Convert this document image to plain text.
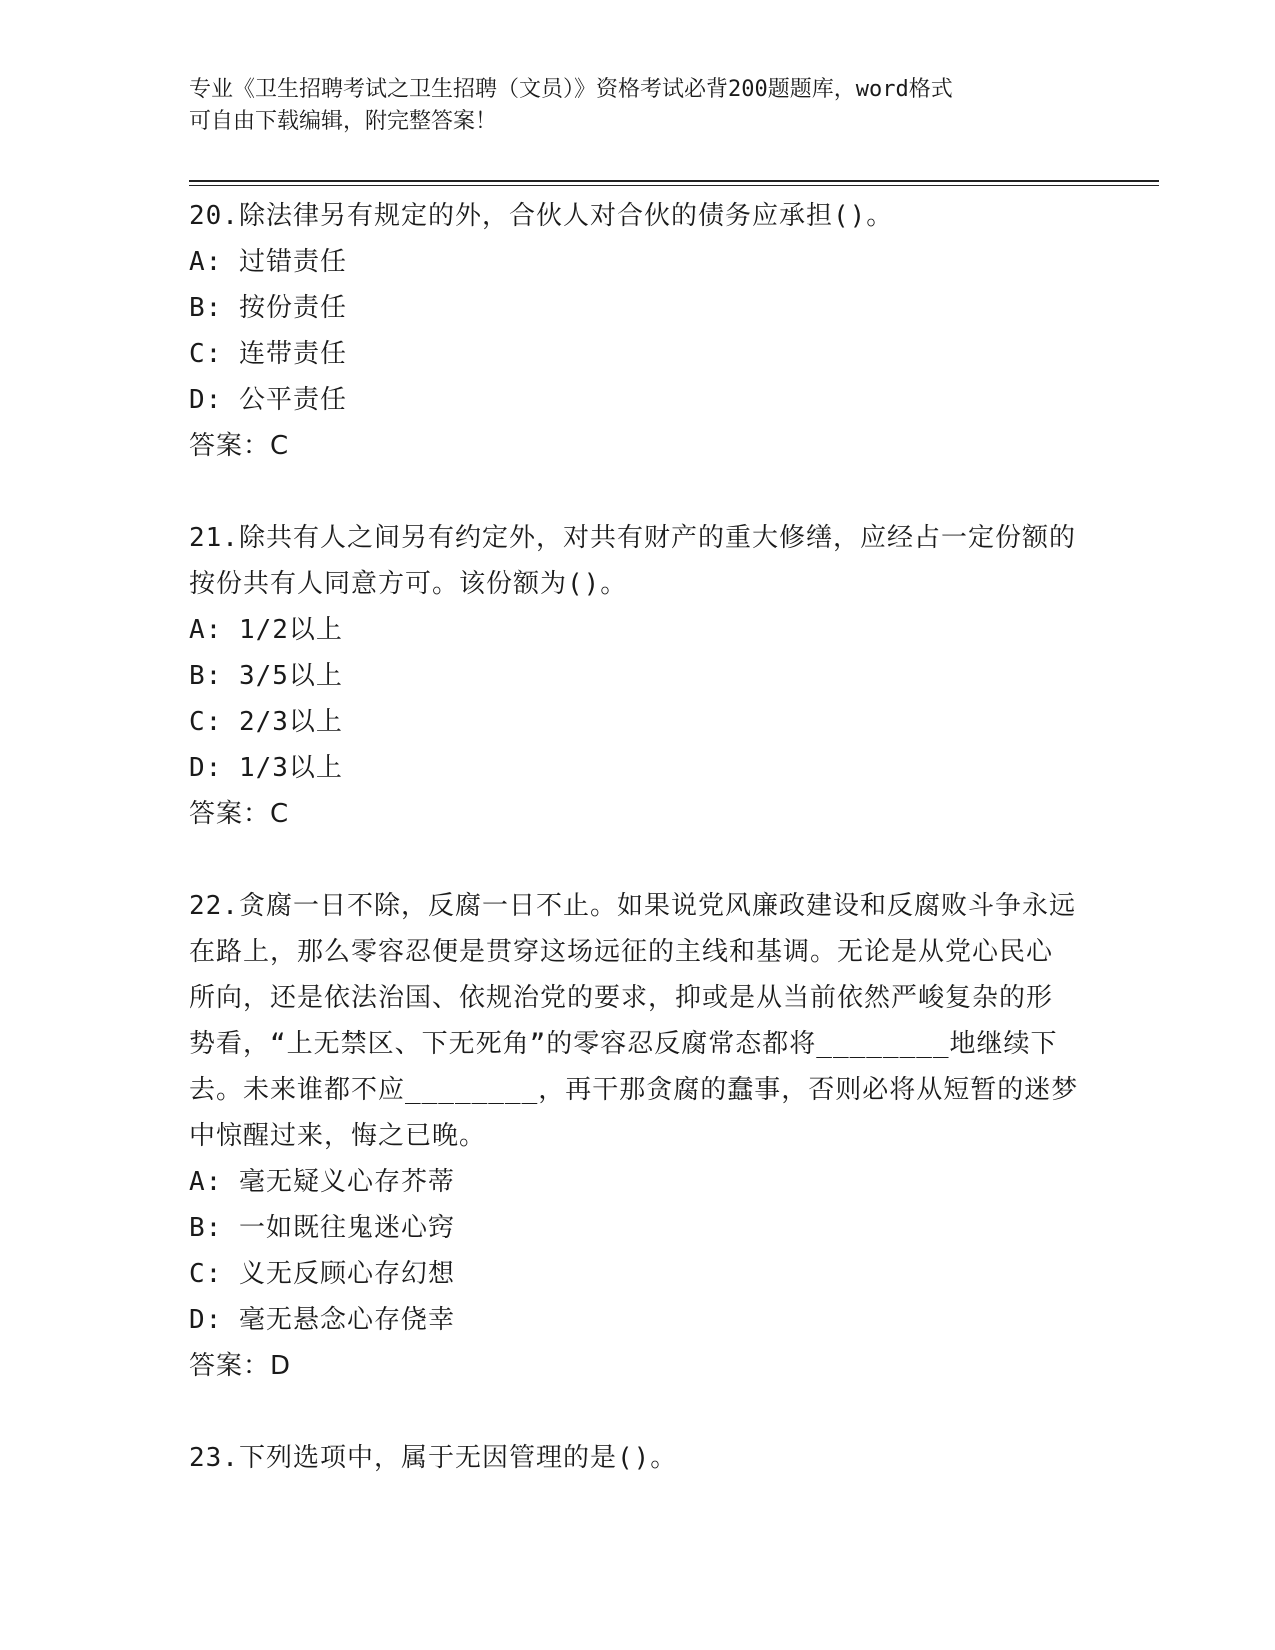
专业《卫生招聘考试之卫生招聘（文员）》资格考试必背200题题库，word格式
可自由下载编辑，附完整答案！

20.除法律另有规定的外，合伙人对合伙的债务应承担()。

A: 过错责任

B: 按份责任

C: 连带责任

D: 公平责任

答案：C

21.除共有人之间另有约定外，对共有财产的重大修缮，应经占一定份额的按份共有人同意方可。该份额为()。

A: 1/2以上

B: 3/5以上

C: 2/3以上

D: 1/3以上

答案：C

22.贪腐一日不除，反腐一日不止。如果说党风廉政建设和反腐败斗争永远在路上，那么零容忍便是贯穿这场远征的主线和基调。无论是从党心民心所向，还是依法治国、依规治党的要求，抑或是从当前依然严峻复杂的形势看，“上无禁区、下无死角”的零容忍反腐常态都将________地继续下去。未来谁都不应________，再干那贪腐的蠢事，否则必将从短暂的迷梦中惊醒过来，悔之已晚。

A: 毫无疑义心存芥蒂

B: 一如既往鬼迷心窍

C: 义无反顾心存幻想

D: 毫无悬念心存侥幸

答案：D

23.下列选项中，属于无因管理的是()。
